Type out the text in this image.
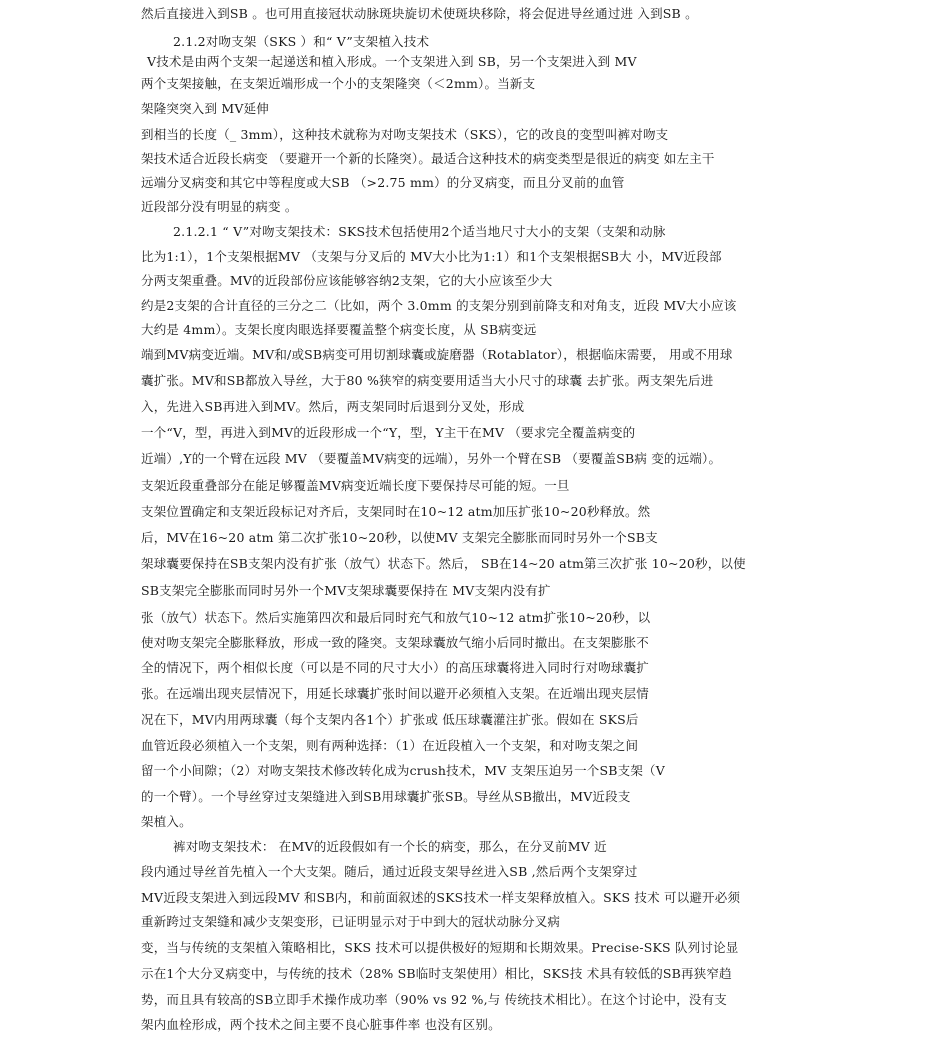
然后直接进入到SB 。也可用直接冠状动脉斑块旋切术使斑块移除，将会促进导丝通过进 入到SB 。
2.1.2对吻支架（SKS ）和“ V”支架植入技术
V技术是由两个支架一起递送和植入形成。一个支架进入到 SB，另一个支架进入到 MV
两个支架接触，在支架近端形成一个小的支架隆突（＜2mm）。当新支
架隆突突入到 MV延伸
到相当的长度（_ 3mm），这种技术就称为对吻支架技术（SKS），它的改良的变型叫裤对吻支
架技术适合近段长病变 （要避开一个新的长隆突）。最适合这种技术的病变类型是很近的病变 如左主干
远端分叉病变和其它中等程度或大SB （>2.75 mm）的分叉病变，而且分叉前的血管
近段部分没有明显的病变 。
2.1.2.1 “ V”对吻支架技术：SKS技术包括使用2个适当地尺寸大小的支架（支架和动脉
比为1:1），1个支架根据MV （支架与分叉后的 MV大小比为1:1）和1个支架根据SB大 小，MV近段部
分两支架重叠。MV的近段部份应该能够容纳2支架，它的大小应该至少大
约是2支架的合计直径的三分之二（比如，两个 3.0mm 的支架分别到前降支和对角支，近段 MV大小应该
大约是 4mm）。支架长度肉眼选择要覆盖整个病变长度，从 SB病变远
端到MV病变近端。MV和/或SB病变可用切割球囊或旋磨器（Rotablator），根据临床需要， 用或不用球
囊扩张。MV和SB都放入导丝，大于80 %狭窄的病变要用适当大小尺寸的球囊 去扩张。两支架先后进
入，先进入SB再进入到MV。然后，两支架同时后退到分叉处，形成
一个“V，型，再进入到MV的近段形成一个“Y，型，Y主干在MV （要求完全覆盖病变的
近端）,Y的一个臂在远段 MV （要覆盖MV病变的远端），另外一个臂在SB （要覆盖SB病 变的远端）。
支架近段重叠部分在能足够覆盖MV病变近端长度下要保持尽可能的短。一旦
支架位置确定和支架近段标记对齐后，支架同时在10~12 atm加压扩张10~20秒释放。然
后，MV在16~20 atm 第二次扩张10~20秒，以使MV 支架完全膨胀而同时另外一个SB支
架球囊要保持在SB支架内没有扩张（放气）状态下。然后， SB在14~20 atm第三次扩张 10~20秒，以使
SB支架完全膨胀而同时另外一个MV支架球囊要保持在 MV支架内没有扩
张（放气）状态下。然后实施第四次和最后同时充气和放气10~12 atm扩张10~20秒，以
使对吻支架完全膨胀释放，形成一致的隆突。支架球囊放气缩小后同时撤出。在支架膨胀不
全的情况下，两个相似长度（可以是不同的尺寸大小）的高压球囊将进入同时行对吻球囊扩
张。在远端出现夹层情况下，用延长球囊扩张时间以避开必须植入支架。在近端出现夹层情
况在下，MV内用两球囊（每个支架内各1个）扩张或 低压球囊灌注扩张。假如在 SKS后
血管近段必须植入一个支架，则有两种选择：（1）在近段植入一个支架，和对吻支架之间
留一个小间隙；（2）对吻支架技术修改转化成为crush技术，MV 支架压迫另一个SB支架（V
的一个臂）。一个导丝穿过支架缝进入到SB用球囊扩张SB。导丝从SB撤出，MV近段支
架植入。
裤对吻支架技术： 在MV的近段假如有一个长的病变，那么，在分叉前MV 近
段内通过导丝首先植入一个大支架。随后，通过近段支架导丝进入SB ,然后两个支架穿过
MV近段支架进入到远段MV 和SB内，和前面叙述的SKS技术一样支架释放植入。SKS 技术 可以避开必须
重新跨过支架缝和减少支架变形，已证明显示对于中到大的冠状动脉分叉病
变，当与传统的支架植入策略相比，SKS 技术可以提供极好的短期和长期效果。Precise-SKS 队列讨论显
示在1个大分叉病变中，与传统的技术（28% SB临时支架使用）相比，SKS技 术具有较低的SB再狭窄趋
势，而且具有较高的SB立即手术操作成功率（90% vs 92 %,与 传统技术相比）。在这个讨论中，没有支
架内血栓形成，两个技术之间主要不良心脏事件率 也没有区别。
